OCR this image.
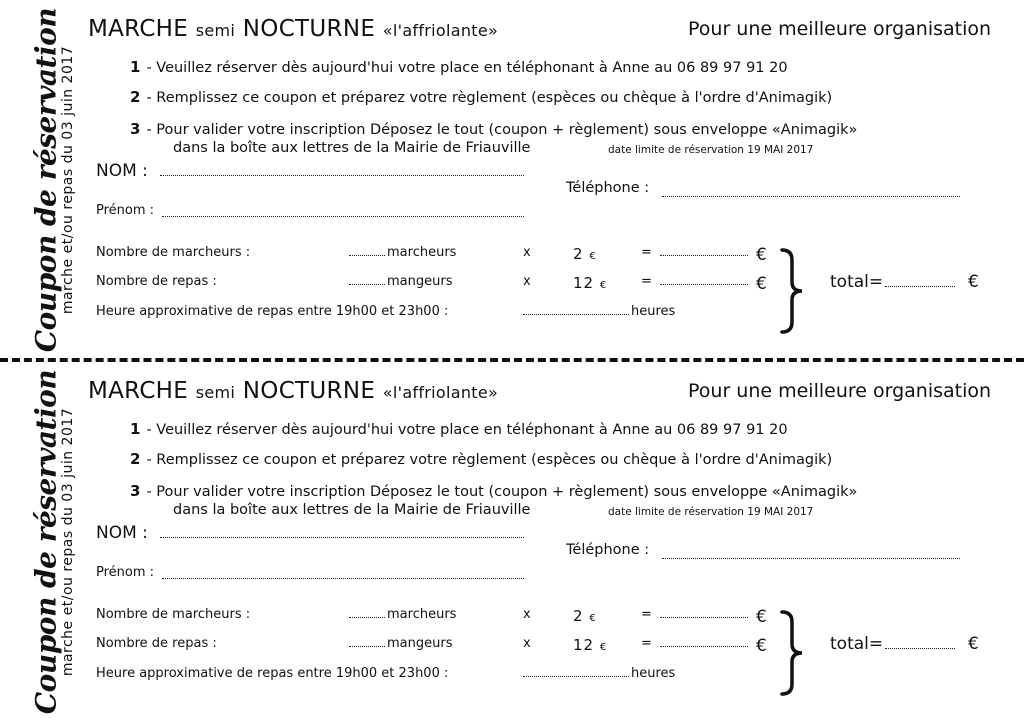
Coupon de réservation
marche et/ou repas du 03 juin 2017
MARCHE semi NOCTURNE «l'affriolante»	Pour une meilleure organisation
1 - Veuillez réserver dès aujourd'hui votre place en téléphonant à Anne au 06 89 97 91 20
2 - Remplissez ce coupon et préparez votre règlement (espèces ou chèque à l'ordre d'Animagik)
3 - Pour valider votre inscription Déposez le tout (coupon + règlement) sous enveloppe «Animagik»
dans la boîte aux lettres de la Mairie de Friauville	date limite de réservation 19 MAI 2017
NOM :
Téléphone :
Prénom :
Nombre de marcheurs :	marcheurs	x	2 €	=	€
Nombre de repas :	mangeurs	x	12 €	=	€
Heure approximative de repas entre 19h00 et 23h00 :	heures
total=	€
Coupon de réservation
marche et/ou repas du 03 juin 2017
MARCHE semi NOCTURNE «l'affriolante»	Pour une meilleure organisation
1 - Veuillez réserver dès aujourd'hui votre place en téléphonant à Anne au 06 89 97 91 20
2 - Remplissez ce coupon et préparez votre règlement (espèces ou chèque à l'ordre d'Animagik)
3 - Pour valider votre inscription Déposez le tout (coupon + règlement) sous enveloppe «Animagik»
dans la boîte aux lettres de la Mairie de Friauville	date limite de réservation 19 MAI 2017
NOM :
Téléphone :
Prénom :
Nombre de marcheurs :	marcheurs	x	2 €	=	€
Nombre de repas :	mangeurs	x	12 €	=	€
Heure approximative de repas entre 19h00 et 23h00 :	heures
total=	€
